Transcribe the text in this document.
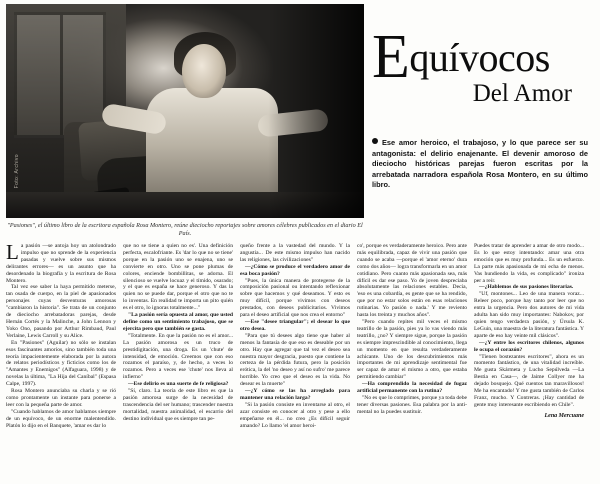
Foto: Archivo
"Pasiones", el último libro de la escritora española Rosa Montero, reúne dieciocho reportajes sobre amores célebres publicados en el diario El País.
Equívocos
Del Amor
Ese amor heroico, el trabajoso, y lo que parece ser su antagonista: el delirio enajenante. El devenir amoroso de dieciocho históricas parejas fueron escritas por la arrebatada narradora española Rosa Montero, en su último libro.

La pasión —se antoja hoy un atolondrado impulso que no sprende de la experiencia pasadas y vuelve sobre sus mismos delirantes errores— es un asunto que ha desordenado la biografía y la escritura de Rosa Montero.

Tal vez ese saber la haya permitido meterse, tan osada de cuerpo, en la piel de apasionados personajes cuyas desventuras amorosas "cambiaron la historia". Se trata de un conjunto de dieciocho arrebatadoras parejas, desde Hernán Cortés y la Malinche, a John Lennon y Yoko Ono, pasando por Arthur Rimbaud, Paul Verlaine, Lewis Carroll y su Alice.

En "Pasiones" (Aguilar) no sólo se instalan esos fascinantes amoríos, sino también toda una teoría impacientemente elaborada por la autora de relatos periodísticos y ficticios como los de "Amantes y Enemigos" (Alfaguara, 1998) y de novelas la última, "La Hija del Caníbal" (Espasa Calpe, 1997).

Rosa Montero anunciaba su charla y se rió como prontamente un instante para ponerse a leer con la pequeña parte de amor.

"Cuando hablamos de amor hablamos siempre de un equívoco, de un enorme malentendido. Platón lo dijo en el Banquete, 'amar es dar lo

que no se tiene a quien no es'. Una definición perfecta, escalofriante. Es 'dar lo que no se tiene' porque en la pasión uno se enajena, uno se convierte en otro. Uno se pone plumas de colores, enciende bombillitas, se adorna. El silencioso se vuelve locuaz y el tímido, osarado; y el que es españa se hace generoso. Y das la quien no se puede dar, porque el otro que no te lo inventas. En realidad te importa un pito quién es el otro, lo ignoras totalmente..."

"La pasión sería opuesta al amor, que usted define como un sentimiento trabajoso, que se ejercita pero que también se gasta.

"Totalmente. En que la pasión no es el amor... La pasión amorosa es un truco de prestidigitación, una droga. Es un 'chute' de intensidad, de emoción. Creemos que con eso rozamos el paraíso, y, de hecho, a veces lo rozamos. Pero a veces ese 'chute' nos lleva al infierno"

—Ese delirio es una suerte de fe religiosa?

"Sí, claro. La teoría de este libro es que la pasión amorosa surge de la necesidad de trascendencia del ser humano; trascender nuestra mortalidad, nuestra animalidad, el escarrio del destino individual que es siempre tan pe-

queño frente a la vastedad del mundo. Y la angustia... De este mismo impulso han nacido las religiones, las civilizaciones"

—¿Cómo se produce el verdadero amor de esa boca pasión?

"Pues, la única manera de protegerse de la composición pasional ou intentando reflexionar sobre que hacemos y qué deseamos. Y esto es muy difícil, porque vivimos con deseos prestados, con deseos publicitarios. Vivimos para el deseo artificial que nos crea el entorno"

—Ese "desee triangular"; el desear lo que otro desea.

"Para que tú desees algo tiene que haber al menos la fantasía de que eso es deseable por un otro. Hay que agregar que tal vez el deseo sea nuestra mayor desgracia, puesto que contiene la certeza de la pérdida futura, pero la posición erótica, la del 'no deseo y así no sufro' me parece horrible. Yo creo que el deseo es la vida. No desear es la muerte"

—¿Y cómo se las ha arreglado para mantener una relación larga?

"Si la pasión consiste en inventarse al otro, el azar consiste en conocer al otro y pese a ello empeñarse en él... no creo ¿Es difícil seguir amando? Lo llamo 'el amor heroi-

co', porque es verdaderamente heroico. Pero ante más equilibrada, capaz de vivir una pasión que cuando se acaba —porque el 'amor eterno' dura como dos años— logra transformarla en un amor cotidiano. Pero cuanto más apasionada sea, más difícil es dar ese paso. Yo de joven despreciaba absolutamente las relaciones estables. Decía, 'eso es una cobardía, es gente que se ha rendido, que por no estar solos están en esas relaciones rutinarias. Yo pasión o nada.' Y me reviento hasta los treinta y muchos años".

"Pero cuando repites mil veces el mismo teatrillo de la pasión, pies ya lo vas viendo más teatrillo, ¿no? Y siempre sigue, porque la pasión es siempre imprescindible al conocimiento, llega un momento en que resulta verdaderamente achicante. Uno de los descubrimientos más importantes de mi aprendizaje sentimental fue ser capaz de amar el mismo a otro, que estaba permitiendo cambiar"

—Ha comprendido la necesidad de fugaz artificial permanente con la rutina?

"No es que lo comprimes, porque ya toda debe tener diversas pasiones. Esa palabra por la anti-mental no la puedes sustituir.

Puedes tratar de aprender a amar de otro modo... Es lo que estoy intentando: amar una otra emoción que es muy profunda... Es un esfuerzo. La parte más apasionada de mi echa de menos. Vas hundiendo la vida, es complicado" ironiza per a reír.

—¿Hablemos de sus pasiones literarias.

"Uf, montones... Leo de una manera voraz... Releer poco, porque hay tanto por leer que no entra la urgencia. Pero dos autores de mi vida adulta han sido muy importantes: Nabokov, por quien tengo verdadera pasión, y Úrsula K. LeGuin, una maestra de la literatura fantástica. Y aparte de eso hay veinte mil clásicos".

—¿Y entre los escritores chilenos, algunos le ocupa el corazón?

"Tienen bostezantes escritores", ahora es un momento fantástico, de una vitalidad increíble. Me gusta Skármeta y Lucho Sepúlveda —La Bestia en Casa—, de Jaime Collyer me ha dejado bosquejo. Qué cuentos tan maravillosos! Me ha encantado! Y me gusta también de Carlos Franz, mucho. Y Contreras. ¡Hay cantidad de gente muy interesante escribiendo en Chile".

Lena Mercuane
